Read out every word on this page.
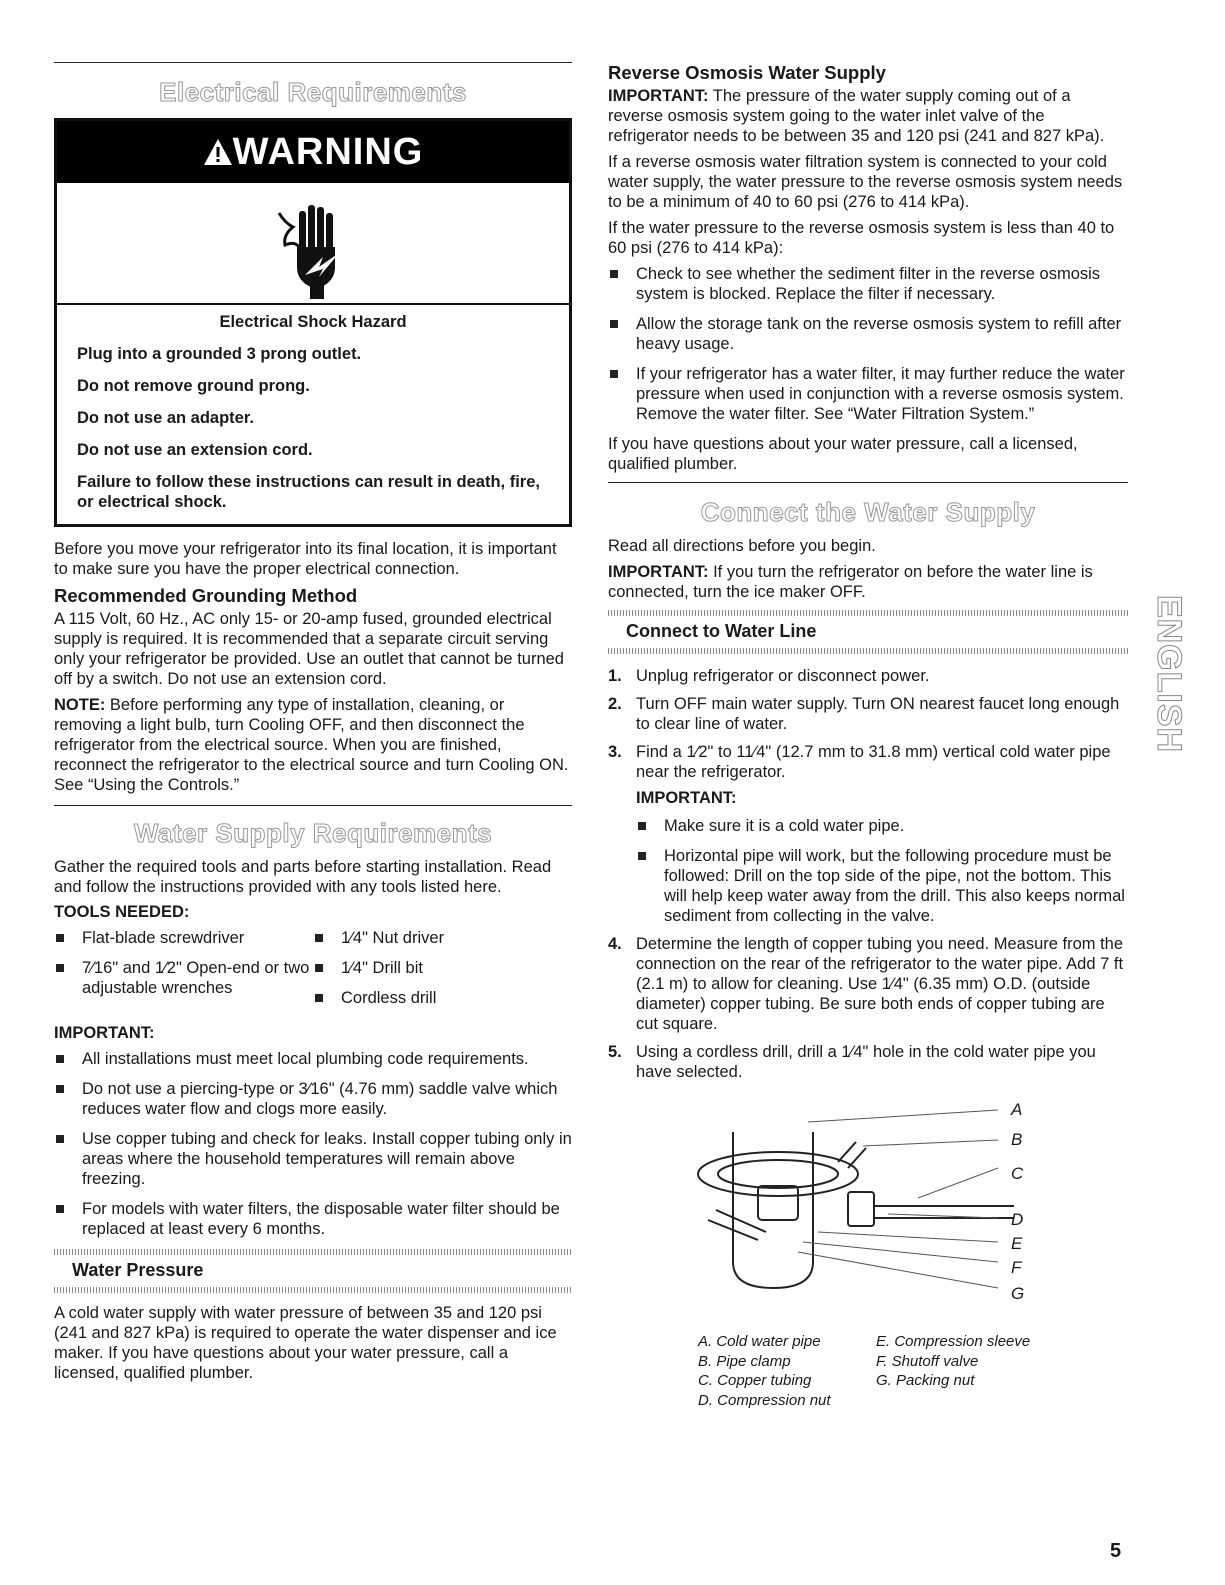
Electrical Requirements
WARNING
Electrical Shock Hazard
Plug into a grounded 3 prong outlet.
Do not remove ground prong.
Do not use an adapter.
Do not use an extension cord.
Failure to follow these instructions can result in death, fire, or electrical shock.

Before you move your refrigerator into its final location, it is important to make sure you have the proper electrical connection.

Recommended Grounding Method

A 115 Volt, 60 Hz., AC only 15- or 20-amp fused, grounded electrical supply is required. It is recommended that a separate circuit serving only your refrigerator be provided. Use an outlet that cannot be turned off by a switch. Do not use an extension cord.

NOTE: Before performing any type of installation, cleaning, or removing a light bulb, turn Cooling OFF, and then disconnect the refrigerator from the electrical source. When you are finished, reconnect the refrigerator to the electrical source and turn Cooling ON. See “Using the Controls.”

Water Supply Requirements

Gather the required tools and parts before starting installation. Read and follow the instructions provided with any tools listed here.

TOOLS NEEDED:
Flat-blade screwdriver
7⁄16" and 1⁄2" Open-end or two adjustable wrenches
1⁄4" Nut driver
1⁄4" Drill bit
Cordless drill
IMPORTANT:
All installations must meet local plumbing code requirements.
Do not use a piercing-type or 3⁄16" (4.76 mm) saddle valve which reduces water flow and clogs more easily.
Use copper tubing and check for leaks. Install copper tubing only in areas where the household temperatures will remain above freezing.
For models with water filters, the disposable water filter should be replaced at least every 6 months.
Water Pressure

A cold water supply with water pressure of between 35 and 120 psi (241 and 827 kPa) is required to operate the water dispenser and ice maker. If you have questions about your water pressure, call a licensed, qualified plumber.

Reverse Osmosis Water Supply

IMPORTANT: The pressure of the water supply coming out of a reverse osmosis system going to the water inlet valve of the refrigerator needs to be between 35 and 120 psi (241 and 827 kPa).

If a reverse osmosis water filtration system is connected to your cold water supply, the water pressure to the reverse osmosis system needs to be a minimum of 40 to 60 psi (276 to 414 kPa).

If the water pressure to the reverse osmosis system is less than 40 to 60 psi (276 to 414 kPa):

Check to see whether the sediment filter in the reverse osmosis system is blocked. Replace the filter if necessary.
Allow the storage tank on the reverse osmosis system to refill after heavy usage.
If your refrigerator has a water filter, it may further reduce the water pressure when used in conjunction with a reverse osmosis system. Remove the water filter. See “Water Filtration System.”

If you have questions about your water pressure, call a licensed, qualified plumber.

Connect the Water Supply

Read all directions before you begin.

IMPORTANT: If you turn the refrigerator on before the water line is connected, turn the ice maker OFF.

Connect to Water Line
1. Unplug refrigerator or disconnect power.
2. Turn OFF main water supply. Turn ON nearest faucet long enough to clear line of water.
3. Find a 1⁄2" to 11⁄4" (12.7 mm to 31.8 mm) vertical cold water pipe near the refrigerator.
IMPORTANT:
Make sure it is a cold water pipe.
Horizontal pipe will work, but the following procedure must be followed: Drill on the top side of the pipe, not the bottom. This will help keep water away from the drill. This also keeps normal sediment from collecting in the valve.
4. Determine the length of copper tubing you need. Measure from the connection on the rear of the refrigerator to the water pipe. Add 7 ft (2.1 m) to allow for cleaning. Use 1⁄4" (6.35 mm) O.D. (outside diameter) copper tubing. Be sure both ends of copper tubing are cut square.
5. Using a cordless drill, drill a 1⁄4" hole in the cold water pipe you have selected.
A
B
C
D
E
F
G
A. Cold water pipe
B. Pipe clamp
C. Copper tubing
D. Compression nut
E. Compression sleeve
F. Shutoff valve
G. Packing nut
ENGLISH
5
